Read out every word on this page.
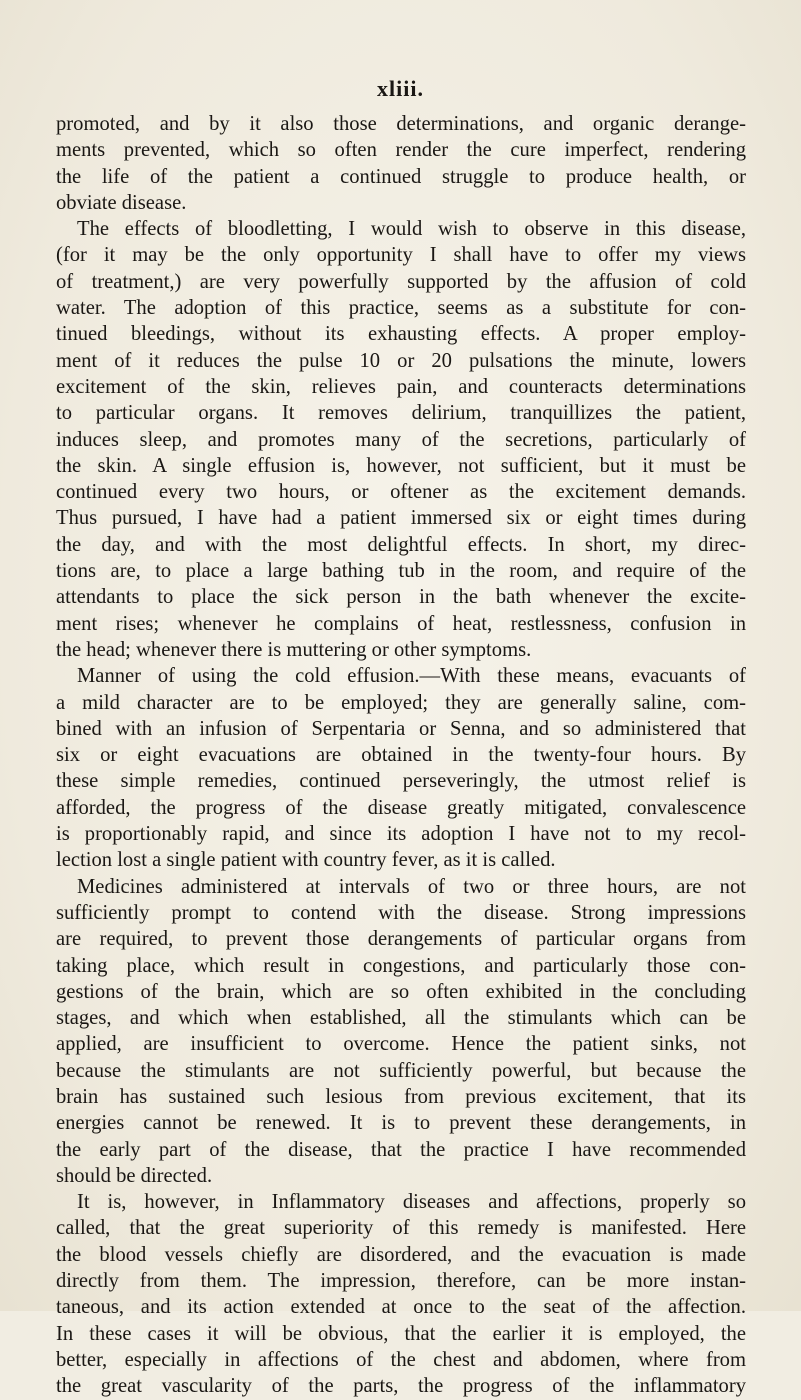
xliii.
promoted, and by it also those determinations, and organic derange-
ments prevented, which so often render the cure imperfect, rendering
the life of the patient a continued struggle to produce health, or
obviate disease.
The effects of bloodletting, I would wish to observe in this disease,
(for it may be the only opportunity I shall have to offer my views
of treatment,) are very powerfully supported by the affusion of cold
water. The adoption of this practice, seems as a substitute for con-
tinued bleedings, without its exhausting effects. A proper employ-
ment of it reduces the pulse 10 or 20 pulsations the minute, lowers
excitement of the skin, relieves pain, and counteracts determinations
to particular organs. It removes delirium, tranquillizes the patient,
induces sleep, and promotes many of the secretions, particularly of
the skin. A single effusion is, however, not sufficient, but it must be
continued every two hours, or oftener as the excitement demands.
Thus pursued, I have had a patient immersed six or eight times during
the day, and with the most delightful effects. In short, my direc-
tions are, to place a large bathing tub in the room, and require of the
attendants to place the sick person in the bath whenever the excite-
ment rises; whenever he complains of heat, restlessness, confusion in
the head; whenever there is muttering or other symptoms.
Manner of using the cold effusion.—With these means, evacuants of
a mild character are to be employed; they are generally saline, com-
bined with an infusion of Serpentaria or Senna, and so administered that
six or eight evacuations are obtained in the twenty-four hours. By
these simple remedies, continued perseveringly, the utmost relief is
afforded, the progress of the disease greatly mitigated, convalescence
is proportionably rapid, and since its adoption I have not to my recol-
lection lost a single patient with country fever, as it is called.
Medicines administered at intervals of two or three hours, are not
sufficiently prompt to contend with the disease. Strong impressions
are required, to prevent those derangements of particular organs from
taking place, which result in congestions, and particularly those con-
gestions of the brain, which are so often exhibited in the concluding
stages, and which when established, all the stimulants which can be
applied, are insufficient to overcome. Hence the patient sinks, not
because the stimulants are not sufficiently powerful, but because the
brain has sustained such lesious from previous excitement, that its
energies cannot be renewed. It is to prevent these derangements, in
the early part of the disease, that the practice I have recommended
should be directed.
It is, however, in Inflammatory diseases and affections, properly so
called, that the great superiority of this remedy is manifested. Here
the blood vessels chiefly are disordered, and the evacuation is made
directly from them. The impression, therefore, can be more instan-
taneous, and its action extended at once to the seat of the affection.
In these cases it will be obvious, that the earlier it is employed, the
better, especially in affections of the chest and abdomen, where from
the great vascularity of the parts, the progress of the inflammatory
